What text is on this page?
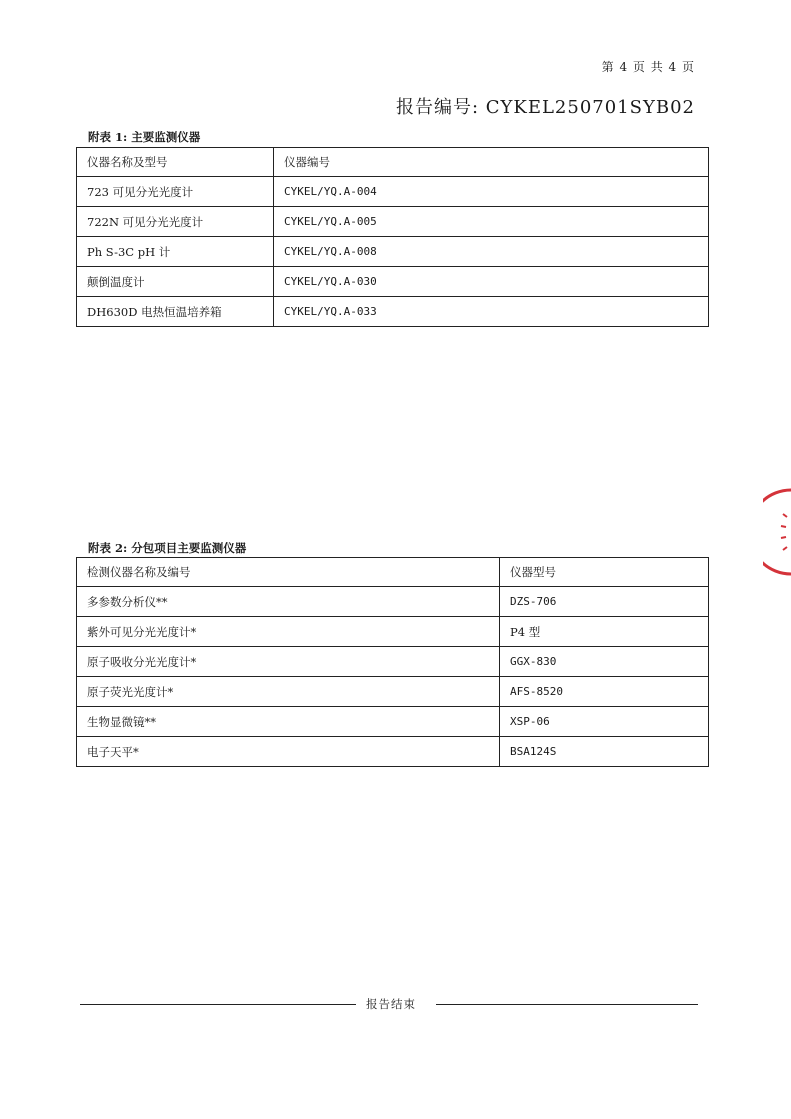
第 4 页 共 4 页
报告编号: CYKEL250701SYB02
附表 1: 主要监测仪器
仪器名称及型号	仪器编号
723 可见分光光度计	CYKEL/YQ.A-004
722N 可见分光光度计	CYKEL/YQ.A-005
Ph S-3C pH 计	CYKEL/YQ.A-008
颠倒温度计	CYKEL/YQ.A-030
DH630D 电热恒温培养箱	CYKEL/YQ.A-033
附表 2: 分包项目主要监测仪器
检测仪器名称及编号	仪器型号
多参数分析仪**	DZS-706
紫外可见分光光度计*	P4 型
原子吸收分光光度计*	GGX-830
原子荧光光度计*	AFS-8520
生物显微镜**	XSP-06
电子天平*	BSA124S
报告结束
